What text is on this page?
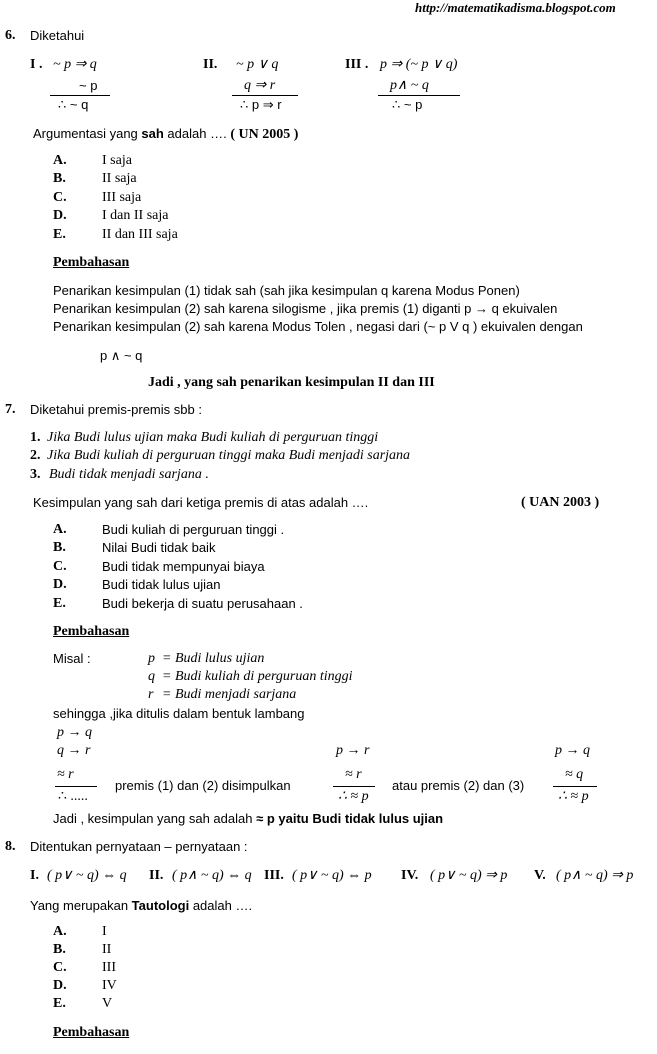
http://matematikadisma.blogspot.com
6. Diketahui
I . ~ p ⇒ q
~ p
∴ ~ q
II. ~ p ∨ q
q ⇒ r
∴ p ⇒ r
III . p ⇒ (~ p ∨ q)
p∧ ~ q
∴ ~ p
Argumentasi yang sah adalah …. ( UN 2005 )
A.	I saja
B.	II saja
C.	III saja
D.	I dan II saja
E.	II dan III saja
Pembahasan
Penarikan kesimpulan (1) tidak sah (sah jika kesimpulan q karena Modus Ponen)
Penarikan kesimpulan (2) sah karena silogisme , jika premis (1) diganti p → q ekuivalen
Penarikan kesimpulan (2) sah karena Modus Tolen , negasi dari (~ p V q ) ekuivalen dengan
p ∧ ~ q
Jadi , yang sah penarikan kesimpulan II dan III
7. Diketahui premis-premis sbb :
1. Jika Budi lulus ujian maka Budi kuliah di perguruan tinggi
2. Jika Budi kuliah di perguruan tinggi maka Budi menjadi sarjana
3. Budi tidak menjadi sarjana .
Kesimpulan yang sah dari ketiga premis di atas adalah ….	( UAN 2003 )
A.	Budi kuliah di perguruan tinggi .
B.	Nilai Budi tidak baik
C.	Budi tidak mempunyai biaya
D.	Budi tidak lulus ujian
E.	Budi bekerja di suatu perusahaan .
Pembahasan
Misal :	p = Budi lulus ujian
q = Budi kuliah di perguruan tinggi
r = Budi menjadi sarjana
sehingga ,jika ditulis dalam bentuk lambang
p → q
q → r
≈ r
∴ .....
premis (1) dan (2) disimpulkan
p → r
≈ r
∴ ≈ p
atau premis (2) dan (3)
p → q
≈ q
∴ ≈ p
Jadi , kesimpulan yang sah adalah ≈ p yaitu Budi tidak lulus ujian
8. Ditentukan pernyataan – pernyataan :
I. ( p∨ ~ q) ⇔ q II. ( p∧ ~ q) ⇔ q III. ( p∨ ~ q) ⇔ p IV. ( p∨ ~ q) ⇒ p V. ( p∧ ~ q) ⇒ p
Yang merupakan Tautologi adalah ….
A.	I
B.	II
C.	III
D.	IV
E.	V
Pembahasan
